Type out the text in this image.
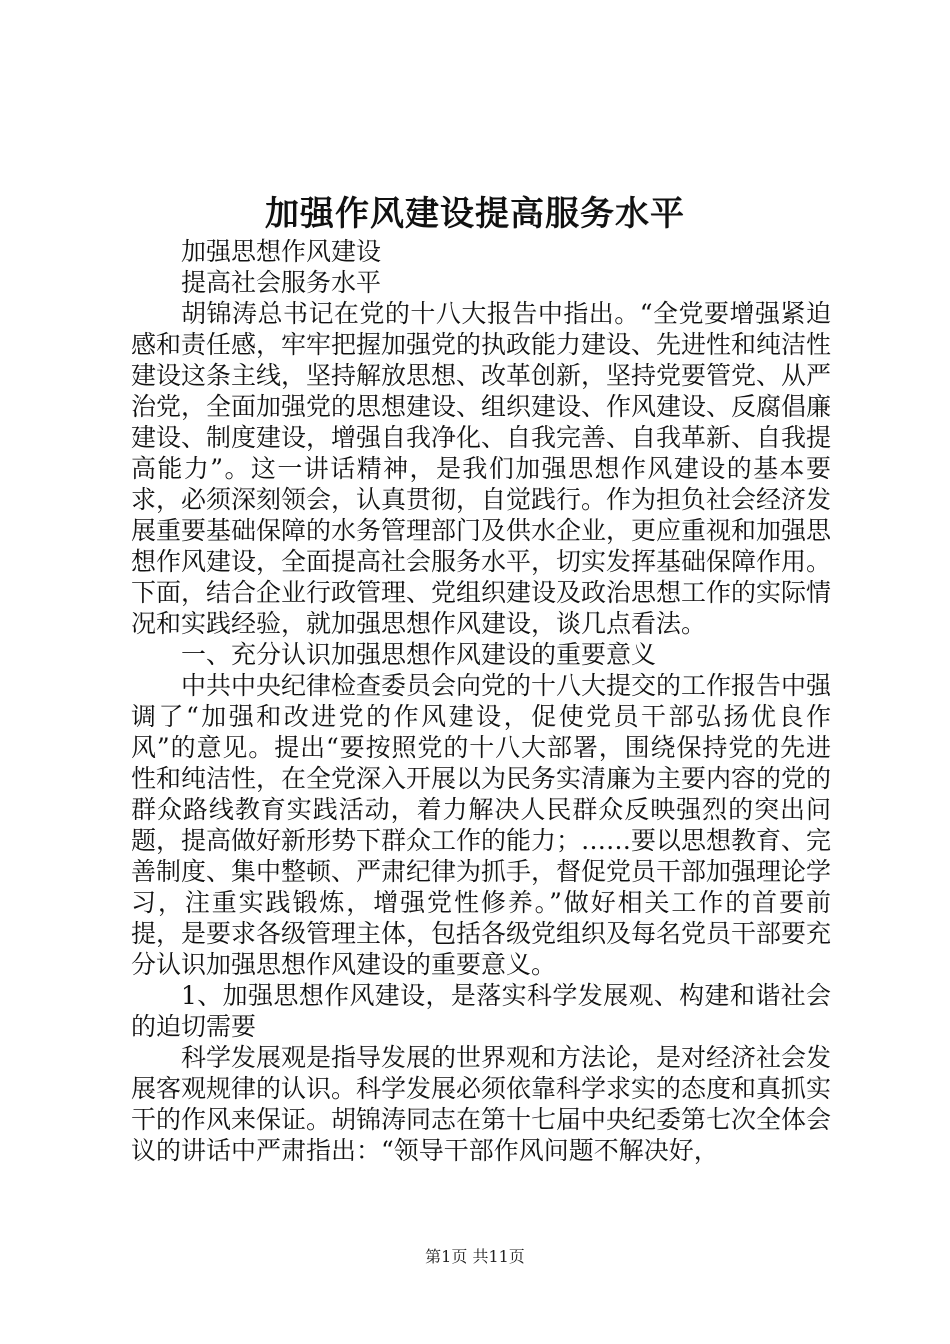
加强作风建设提高服务水平

加强思想作风建设

提高社会服务水平

胡锦涛总书记在党的十八大报告中指出。“全党要增强紧迫感和责任感，牢牢把握加强党的执政能力建设、先进性和纯洁性建设这条主线，坚持解放思想、改革创新，坚持党要管党、从严治党，全面加强党的思想建设、组织建设、作风建设、反腐倡廉建设、制度建设，增强自我净化、自我完善、自我革新、自我提高能力”。这一讲话精神，是我们加强思想作风建设的基本要求，必须深刻领会，认真贯彻，自觉践行。作为担负社会经济发展重要基础保障的水务管理部门及供水企业，更应重视和加强思想作风建设，全面提高社会服务水平，切实发挥基础保障作用。下面，结合企业行政管理、党组织建设及政治思想工作的实际情况和实践经验，就加强思想作风建设，谈几点看法。

一、充分认识加强思想作风建设的重要意义

中共中央纪律检查委员会向党的十八大提交的工作报告中强调了“加强和改进党的作风建设，促使党员干部弘扬优良作风”的意见。提出“要按照党的十八大部署，围绕保持党的先进性和纯洁性，在全党深入开展以为民务实清廉为主要内容的党的群众路线教育实践活动，着力解决人民群众反映强烈的突出问题，提高做好新形势下群众工作的能力；……要以思想教育、完善制度、集中整顿、严肃纪律为抓手，督促党员干部加强理论学习，注重实践锻炼，增强党性修养。”做好相关工作的首要前提，是要求各级管理主体，包括各级党组织及每名党员干部要充分认识加强思想作风建设的重要意义。

1、加强思想作风建设，是落实科学发展观、构建和谐社会的迫切需要

科学发展观是指导发展的世界观和方法论，是对经济社会发展客观规律的认识。科学发展必须依靠科学求实的态度和真抓实干的作风来保证。胡锦涛同志在第十七届中央纪委第七次全体会议的讲话中严肃指出：“领导干部作风问题不解决好，

第1页 共11页
